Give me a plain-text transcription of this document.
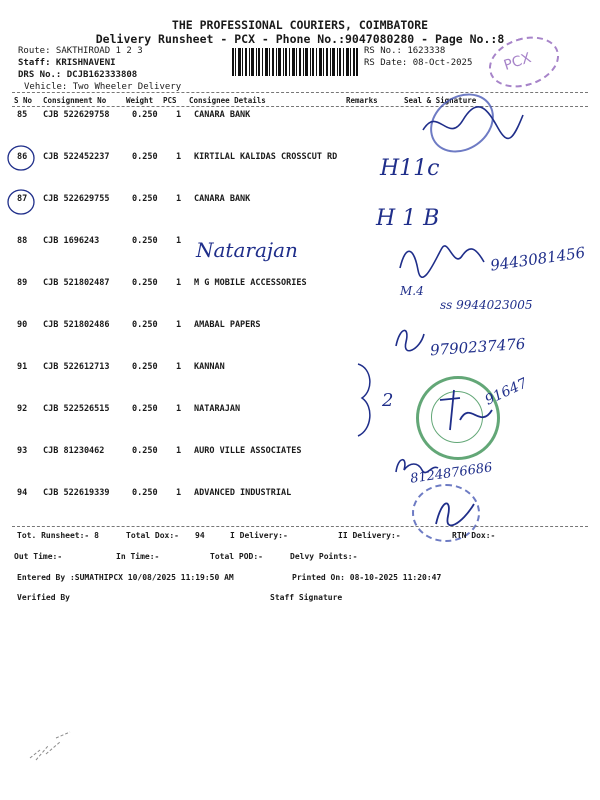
THE PROFESSIONAL COURIERS, COIMBATORE
Delivery Runsheet - PCX - Phone No.:9047080280 - Page No.:8
Route: SAKTHIROAD 1 2 3
Staff: KRISHNAVENI
DRS No.: DCJB162333808
Vehicle: Two Wheeler Delivery
RS No.: 1623338
RS Date: 08-Oct-2025 PCX
S No Consignment No	Weight PCS Consignee Details	Remarks	Seal & Signature
85 CJB 522629758	0.250 1 CANARA BANK
86 CJB 522452237	0.250 1 KIRTILAL KALIDAS CROSSCUT RD
87 CJB 522629755	0.250 1 CANARA BANK
88 CJB 1696243	0.250 1
89 CJB 521802487	0.250 1 M G MOBILE ACCESSORIES
90 CJB 521802486	0.250 1 AMABAL PAPERS
91 CJB 522612713	0.250 1 KANNAN
92 CJB 522526515	0.250 1 NATARAJAN
93 CJB 81230462	0.250 1 AURO VILLE ASSOCIATES
94 CJB 522619339	0.250 1 ADVANCED INDUSTRIAL
H11c
H 1 B
Natarajan	9443081456
M.4
ss 9944023005
9790237476
2	91647
8124876686
Tot. Runsheet:- 8	Total Dox:- 94	I Delivery:-	II Delivery:-	RTN Dox:-
Out Time:-	In Time:-	Total POD:-	Delvy Points:-
Entered By :SUMATHIPCX 10/08/2025 11:19:50 AM	Printed On: 08-10-2025 11:20:47
Verified By	Staff Signature
